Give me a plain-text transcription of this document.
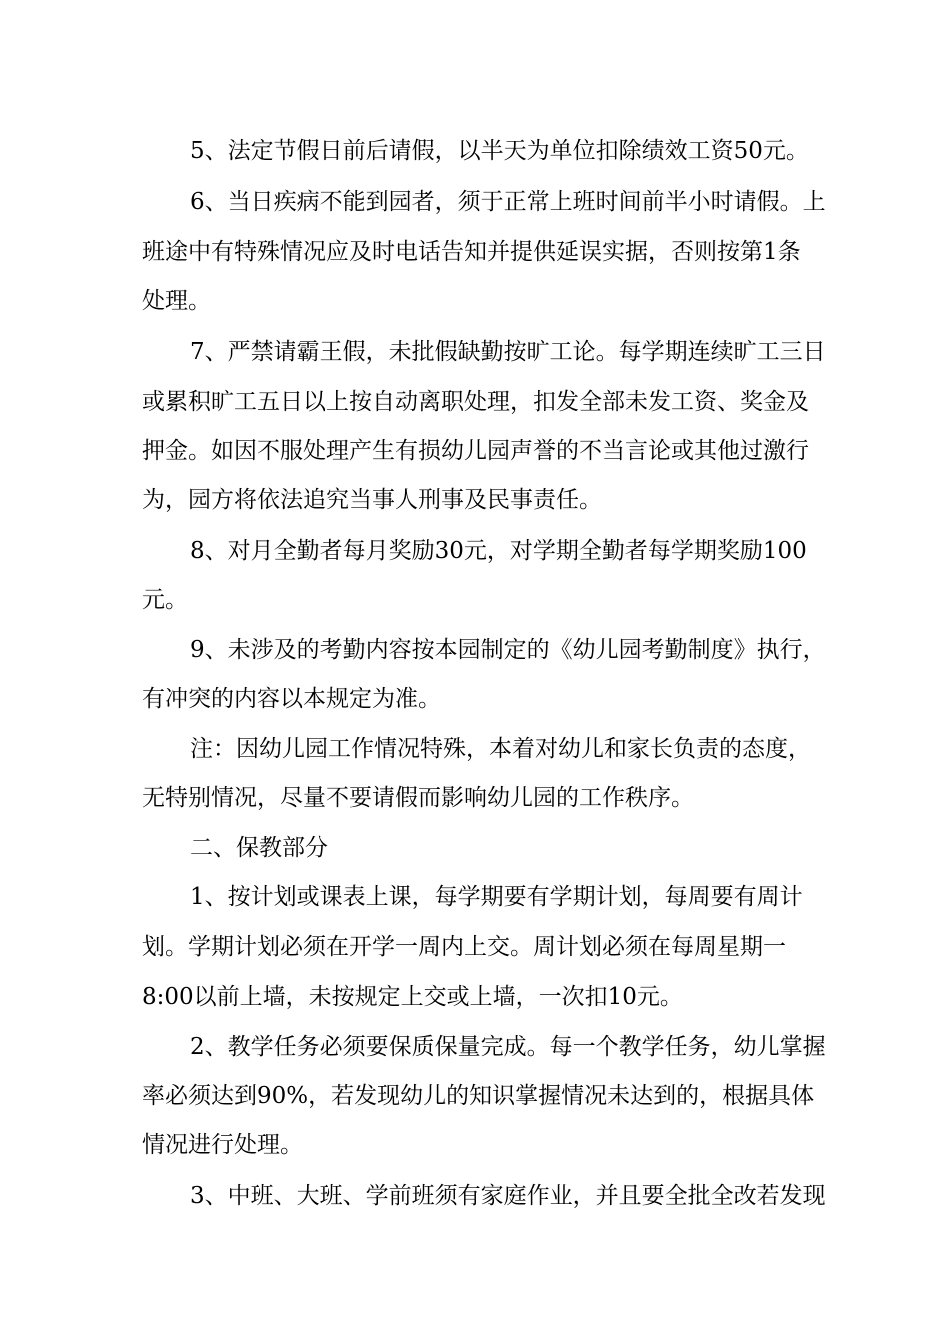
5、法定节假日前后请假，以半天为单位扣除绩效工资50元。
6、当日疾病不能到园者，须于正常上班时间前半小时请假。上
班途中有特殊情况应及时电话告知并提供延误实据，否则按第1条
处理。
7、严禁请霸王假，未批假缺勤按旷工论。每学期连续旷工三日
或累积旷工五日以上按自动离职处理，扣发全部未发工资、奖金及
押金。如因不服处理产生有损幼儿园声誉的不当言论或其他过激行
为，园方将依法追究当事人刑事及民事责任。
8、对月全勤者每月奖励30元，对学期全勤者每学期奖励100
元。
9、未涉及的考勤内容按本园制定的《幼儿园考勤制度》执行，
有冲突的内容以本规定为准。
注：因幼儿园工作情况特殊，本着对幼儿和家长负责的态度，
无特别情况，尽量不要请假而影响幼儿园的工作秩序。
二、保教部分
1、按计划或课表上课，每学期要有学期计划，每周要有周计
划。学期计划必须在开学一周内上交。周计划必须在每周星期一
8:00以前上墙，未按规定上交或上墙，一次扣10元。
2、教学任务必须要保质保量完成。每一个教学任务，幼儿掌握
率必须达到90%，若发现幼儿的知识掌握情况未达到的，根据具体
情况进行处理。
3、中班、大班、学前班须有家庭作业，并且要全批全改若发现
